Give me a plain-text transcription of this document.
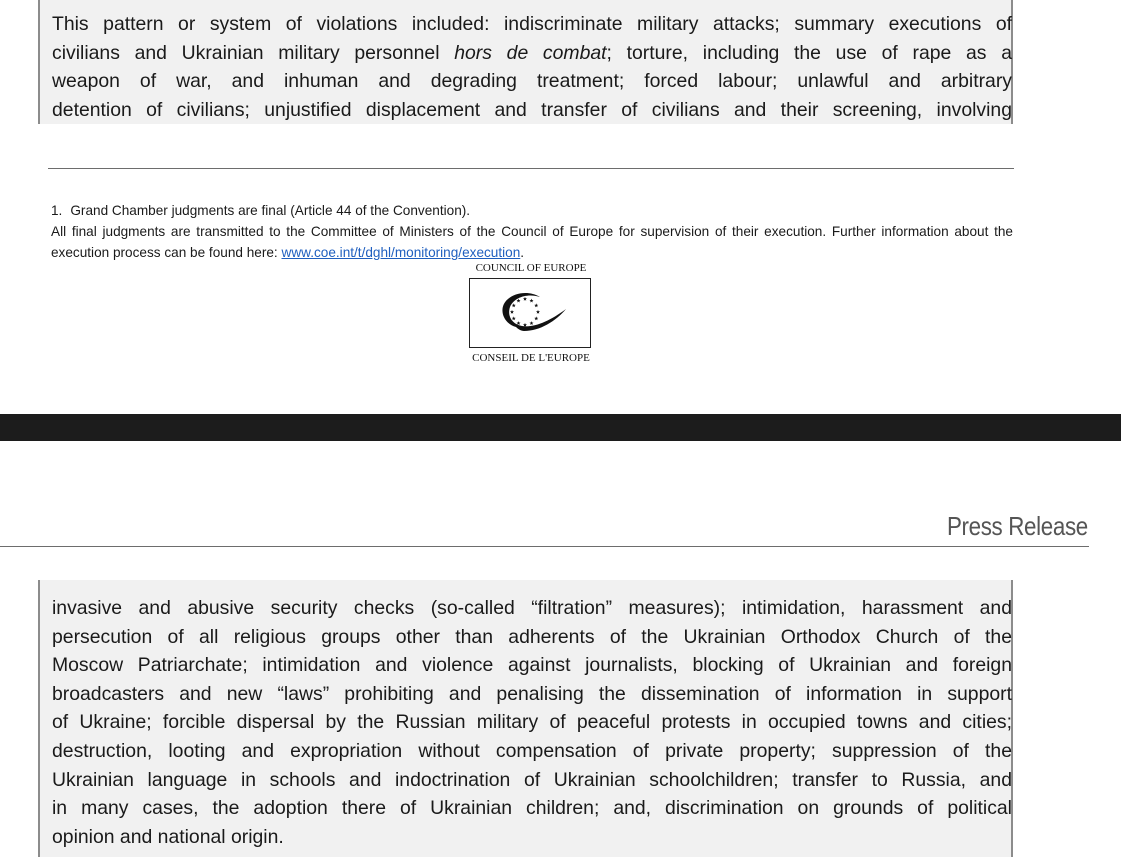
This pattern or system of violations included: indiscriminate military attacks; summary executions of
civilians and Ukrainian military personnel hors de combat; torture, including the use of rape as a
weapon of war, and inhuman and degrading treatment; forced labour; unlawful and arbitrary
detention of civilians; unjustified displacement and transfer of civilians and their screening, involving

1. Grand Chamber judgments are final (Article 44 of the Convention).
All final judgments are transmitted to the Committee of Ministers of the Council of Europe for supervision of their execution. Further information about the execution process can be found here: www.coe.int/t/dghl/monitoring/execution.
COUNCIL OF EUROPE
CONSEIL DE L'EUROPE
Press Release

invasive and abusive security checks (so-called “filtration” measures); intimidation, harassment and
persecution of all religious groups other than adherents of the Ukrainian Orthodox Church of the
Moscow Patriarchate; intimidation and violence against journalists, blocking of Ukrainian and foreign
broadcasters and new “laws” prohibiting and penalising the dissemination of information in support
of Ukraine; forcible dispersal by the Russian military of peaceful protests in occupied towns and cities;
destruction, looting and expropriation without compensation of private property; suppression of the
Ukrainian language in schools and indoctrination of Ukrainian schoolchildren; transfer to Russia, and
in many cases, the adoption there of Ukrainian children; and, discrimination on grounds of political
opinion and national origin.
